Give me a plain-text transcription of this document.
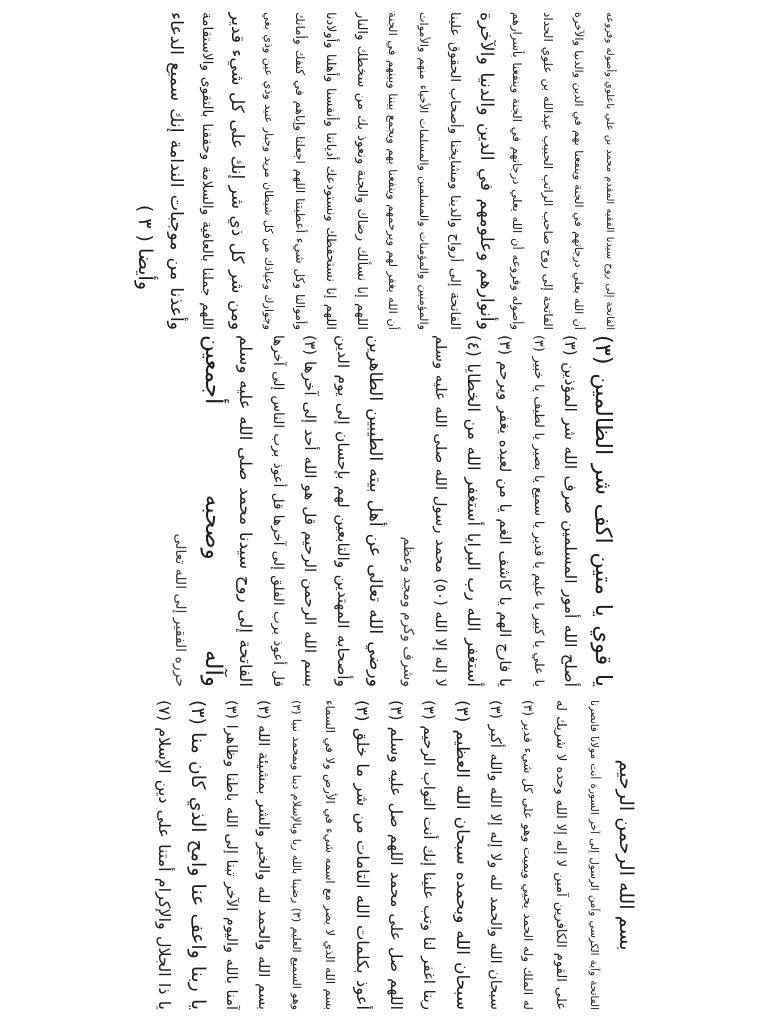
بسم الله الرحمن الرحيم
الفاتحة وآية الكرسي وآمن الرسول إلى آخر السورة أنت مولانا فانصرنا
على القوم الكافرين آمين لا إله إلا الله وحده لا شريك له
له الملك وله الحمد يحيي ويميت وهو على كل شيء قدير (٣)
سبحان الله والحمد لله ولا إله إلا الله والله أكبر (٣)
سبحان الله وبحمده سبحان الله العظيم (٣)
ربنا اغفر لنا وتب علينا إنك أنت التواب الرحيم (٣)
اللهم صل على محمد اللهم صل عليه وسلم (٣)
أعوذ بكلمات الله التامات من شر ما خلق (٣)
بسم الله الذي لا يضر مع اسمه شيء في الأرض ولا في السماء
وهو السميع العليم (٣) رضينا بالله ربا وبالإسلام دينا وبمحمد نبيا (٣)
بسم الله والحمد لله والخير والشر بمشيئة الله (٣)
آمنا بالله واليوم الآخر تبنا إلى الله باطنا وظاهرا (٣)
يا ربنا واعف عنا وامح الذي كان منا (٣)
يا ذا الجلال والإكرام أمتنا على دين الإسلام (٧)
يا قوي يا متين اكف شر الظالمين (٣)
أصلح الله أمور المسلمين صرف الله شر المؤذين (٣)
يا علي يا كبير يا عليم يا قدير يا سميع يا بصير يا لطيف يا خبير (٣)
يا فارج الهم يا كاشف الغم يا من لعبده يغفر ويرحم (٣)
أستغفر الله رب البرايا أستغفر الله من الخطايا (٤)
لا إله إلا الله (٥٠) محمد رسول الله صلى الله عليه وسلم
وشرف وكرم ومجد وعظم
ورضي الله تعالى عن أهل بيته الطيبين الطاهرين
وأصحابه المهتدين والتابعين لهم بإحسان إلى يوم الدين
بسم الله الرحمن الرحيم قل هو الله أحد إلى آخرها (٣)
قل أعوذ برب الفلق إلى آخرها قل أعوذ برب الناس إلى آخرها
الفاتحة إلى روح سيدنا محمد صلى الله عليه وسلم
وآله وصحبه أجمعين
حرره الفقير إلى الله تعالى
الفاتحة إلى روح سيدنا الفقيه المقدم محمد بن علي باعلوي وأصوله وفروعه
أن الله يعلي درجاتهم في الجنة وينفعنا بهم في الدين والدنيا والآخرة
الفاتحة إلى روح صاحب الراتب الحبيب عبدالله بن علوي الحداد
وأصوله وفروعه أن الله يعلي درجاتهم في الجنة وينفعنا بأسرارهم
وأنوارهم وعلومهم في الدين والدنيا والآخرة
الفاتحة إلى أرواح والدينا ومشايخنا وأصحاب الحقوق علينا
والمؤمنين والمؤمنات والمسلمين والمسلمات الأحياء منهم والأموات
أن الله يغفر لهم ويرحمهم وينفعنا بهم ويجمع بيننا وبينهم في الجنة
اللهم إنا نسألك رضاك والجنة ونعوذ بك من سخطك والنار
اللهم إنا نستحفظك ونستودعك أدياننا وأنفسنا وأهلنا وأولادنا
وأموالنا وكل شيء أعطيتنا اللهم اجعلنا وإياهم في كنفك وأمانك
وجوارك وعياذك من كل شيطان مريد وجبار عنيد وذي عين وذي بغي
ومن شر كل ذي شر إنك على كل شيء قدير
اللهم جملنا بالعافية والسلامة وحققنا بالتقوى والاستقامة
وأعذنا من موجبات الندامة إنك سميع الدعاء
وأيضا ( ٣ )
